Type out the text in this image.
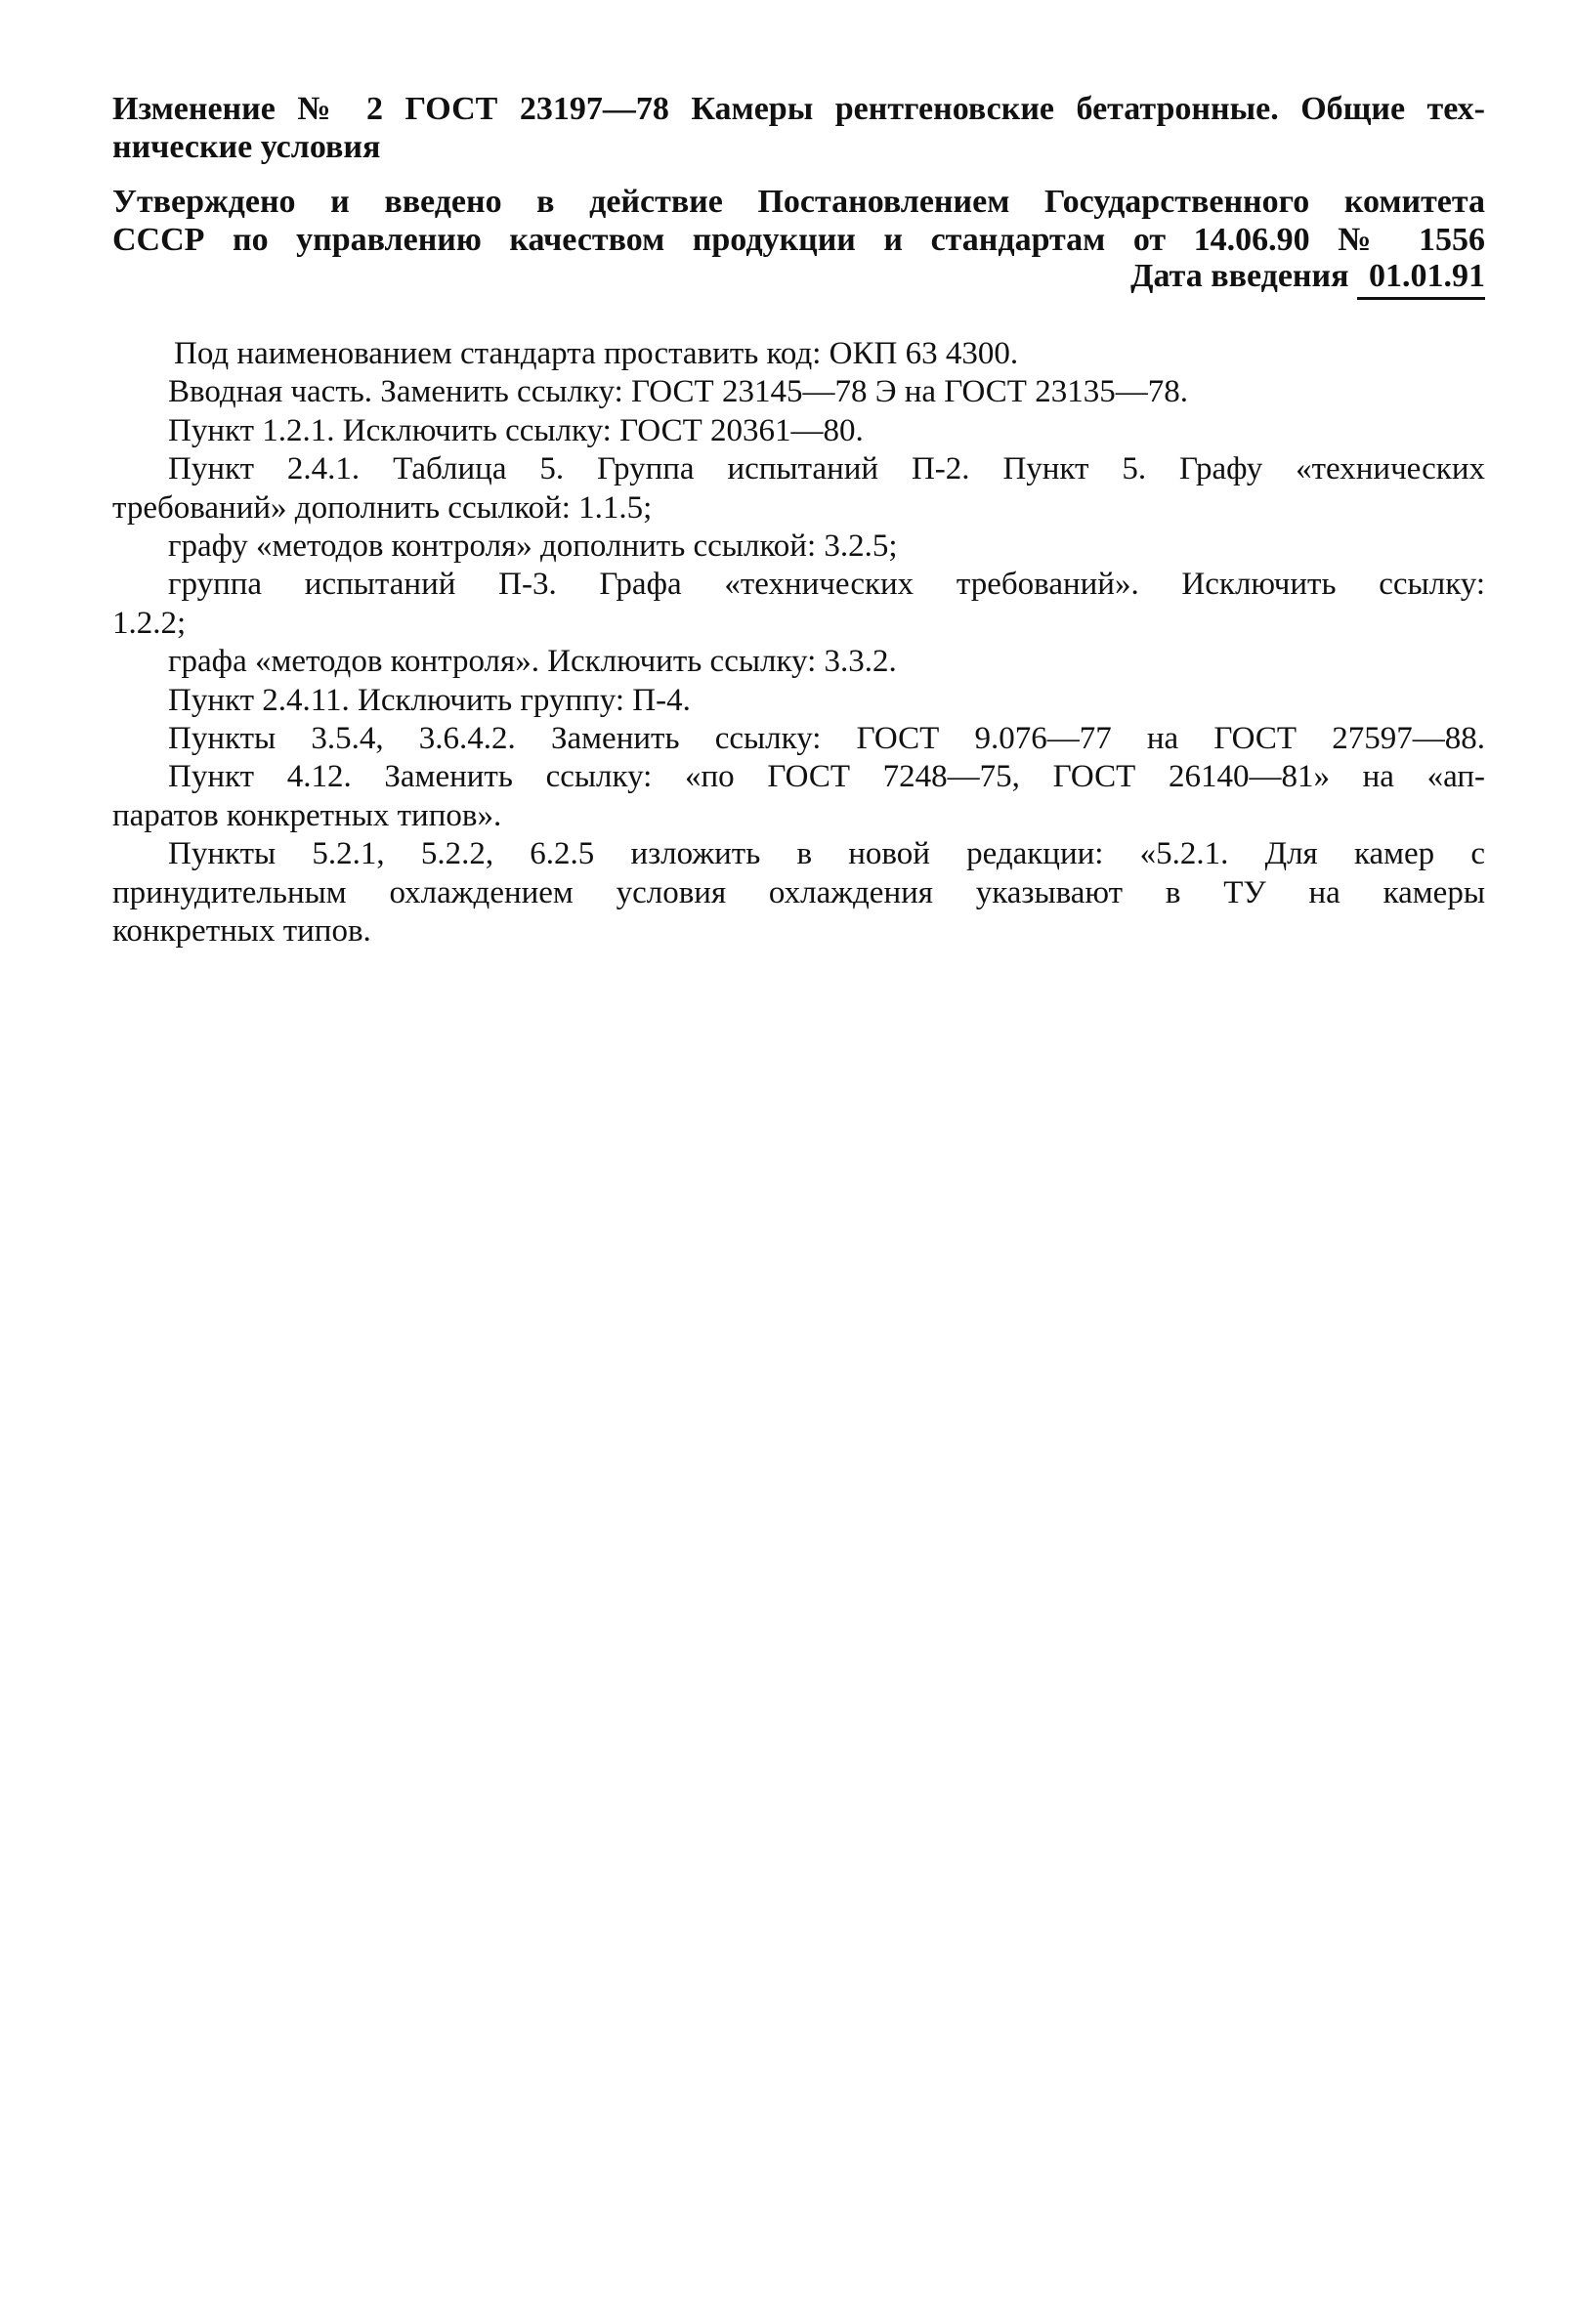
Изменение № 2 ГОСТ 23197—78 Камеры рентгеновские бетатронные. Общие тех-
нические условия
Утверждено и введено в действие Постановлением Государственного комитета
СССР по управлению качеством продукции и стандартам от 14.06.90 № 1556
Дата введения 01.01.91
Под наименованием стандарта проставить код: ОКП 63 4300.
Вводная часть. Заменить ссылку: ГОСТ 23145—78 Э на ГОСТ 23135—78.
Пункт 1.2.1. Исключить ссылку: ГОСТ 20361—80.
Пункт 2.4.1. Таблица 5. Группа испытаний П-2. Пункт 5. Графу «технических
требований» дополнить ссылкой: 1.1.5;
графу «методов контроля» дополнить ссылкой: 3.2.5;
группа испытаний П-3. Графа «технических требований». Исключить ссылку:
1.2.2;
графа «методов контроля». Исключить ссылку: 3.3.2.
Пункт 2.4.11. Исключить группу: П-4.
Пункты 3.5.4, 3.6.4.2. Заменить ссылку: ГОСТ 9.076—77 на ГОСТ 27597—88.
Пункт 4.12. Заменить ссылку: «по ГОСТ 7248—75, ГОСТ 26140—81» на «ап-
паратов конкретных типов».
Пункты 5.2.1, 5.2.2, 6.2.5 изложить в новой редакции: «5.2.1. Для камер с
принудительным охлаждением условия охлаждения указывают в ТУ на камеры
конкретных типов.
